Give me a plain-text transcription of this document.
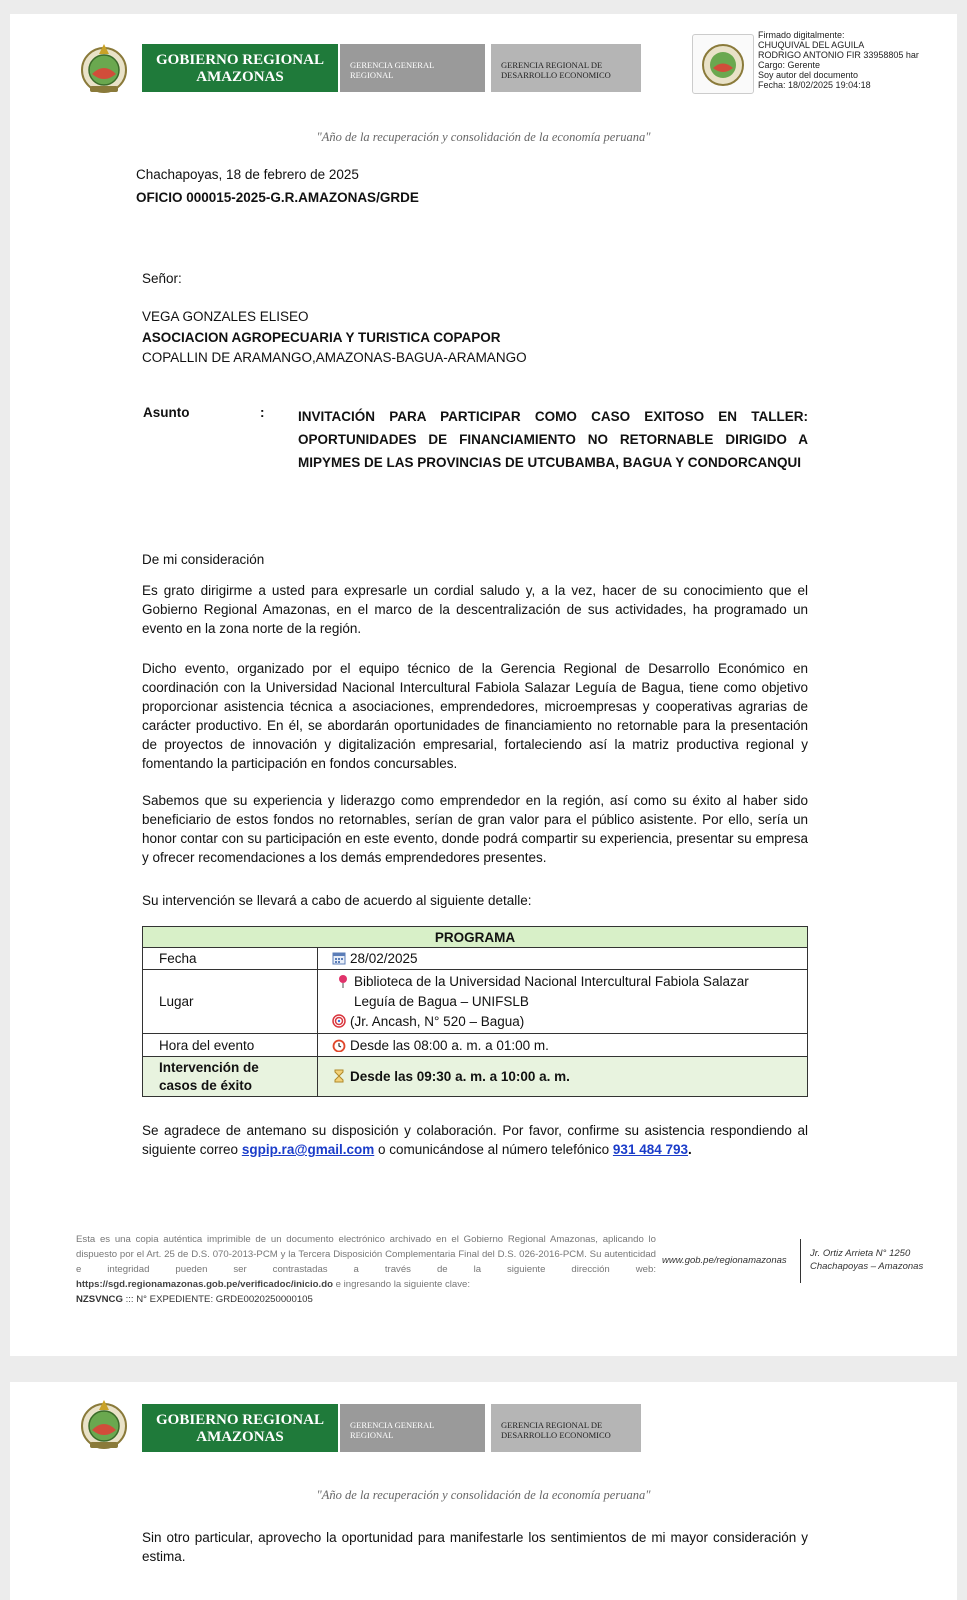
GOBIERNO REGIONAL
AMAZONAS
GERENCIA GENERAL
REGIONAL
GERENCIA REGIONAL DE
DESARROLLO ECONOMICO
Firmado digitalmente:
CHUQUIVAL DEL AGUILA
RODRIGO ANTONIO FIR 33958805 har
Cargo: Gerente
Soy autor del documento
Fecha: 18/02/2025 19:04:18
"Año de la recuperación y consolidación de la economía peruana"
Chachapoyas, 18 de febrero de 2025
OFICIO 000015-2025-G.R.AMAZONAS/GRDE
Señor:
VEGA GONZALES ELISEO
ASOCIACION AGROPECUARIA Y TURISTICA COPAPOR
COPALLIN DE ARAMANGO,AMAZONAS-BAGUA-ARAMANGO
Asunto	: INVITACIÓN PARA PARTICIPAR COMO CASO EXITOSO EN TALLER: OPORTUNIDADES DE FINANCIAMIENTO NO RETORNABLE DIRIGIDO A MIPYMES DE LAS PROVINCIAS DE UTCUBAMBA, BAGUA Y CONDORCANQUI
De mi consideración
Es grato dirigirme a usted para expresarle un cordial saludo y, a la vez, hacer de su conocimiento que el Gobierno Regional Amazonas, en el marco de la descentralización de sus actividades, ha programado un evento en la zona norte de la región.
Dicho evento, organizado por el equipo técnico de la Gerencia Regional de Desarrollo Económico en coordinación con la Universidad Nacional Intercultural Fabiola Salazar Leguía de Bagua, tiene como objetivo proporcionar asistencia técnica a asociaciones, emprendedores, microempresas y cooperativas agrarias de carácter productivo. En él, se abordarán oportunidades de financiamiento no retornable para la presentación de proyectos de innovación y digitalización empresarial, fortaleciendo así la matriz productiva regional y fomentando la participación en fondos concursables.
Sabemos que su experiencia y liderazgo como emprendedor en la región, así como su éxito al haber sido beneficiario de estos fondos no retornables, serían de gran valor para el público asistente. Por ello, sería un honor contar con su participación en este evento, donde podrá compartir su experiencia, presentar su empresa y ofrecer recomendaciones a los demás emprendedores presentes.
Su intervención se llevará a cabo de acuerdo al siguiente detalle:
PROGRAMA	
Fecha	28/02/2025
Lugar	Biblioteca de la Universidad Nacional Intercultural Fabiola Salazar
Leguía de Bagua – UNIFSLB
(Jr. Ancash, N° 520 – Bagua)

Hora del evento	Desde las 08:00 a. m. a 01:00 m.

Intervención de
casos de éxito	Desde las 09:30 a. m. a 10:00 a. m.
Se agradece de antemano su disposición y colaboración. Por favor, confirme su asistencia respondiendo al siguiente correo sgpip.ra@gmail.com o comunicándose al número telefónico 931 484 793.
Esta es una copia auténtica imprimible de un documento electrónico archivado en el Gobierno Regional Amazonas, aplicando lo dispuesto por el Art. 25 de D.S. 070-2013-PCM y la Tercera Disposición Complementaria Final del D.S. 026-2016-PCM. Su autenticidad e integridad pueden ser contrastadas a través de la siguiente dirección web: https://sgd.regionamazonas.gob.pe/verificadoc/inicio.do e ingresando la siguiente clave:
NZSVNCG ::: N° EXPEDIENTE: GRDE0020250000105
www.gob.pe/regionamazonas
Jr. Ortiz Arrieta N° 1250
Chachapoyas – Amazonas
GOBIERNO REGIONAL
AMAZONAS
GERENCIA GENERAL
REGIONAL
GERENCIA REGIONAL DE
DESARROLLO ECONOMICO
"Año de la recuperación y consolidación de la economía peruana"
Sin otro particular, aprovecho la oportunidad para manifestarle los sentimientos de mi mayor consideración y estima.
